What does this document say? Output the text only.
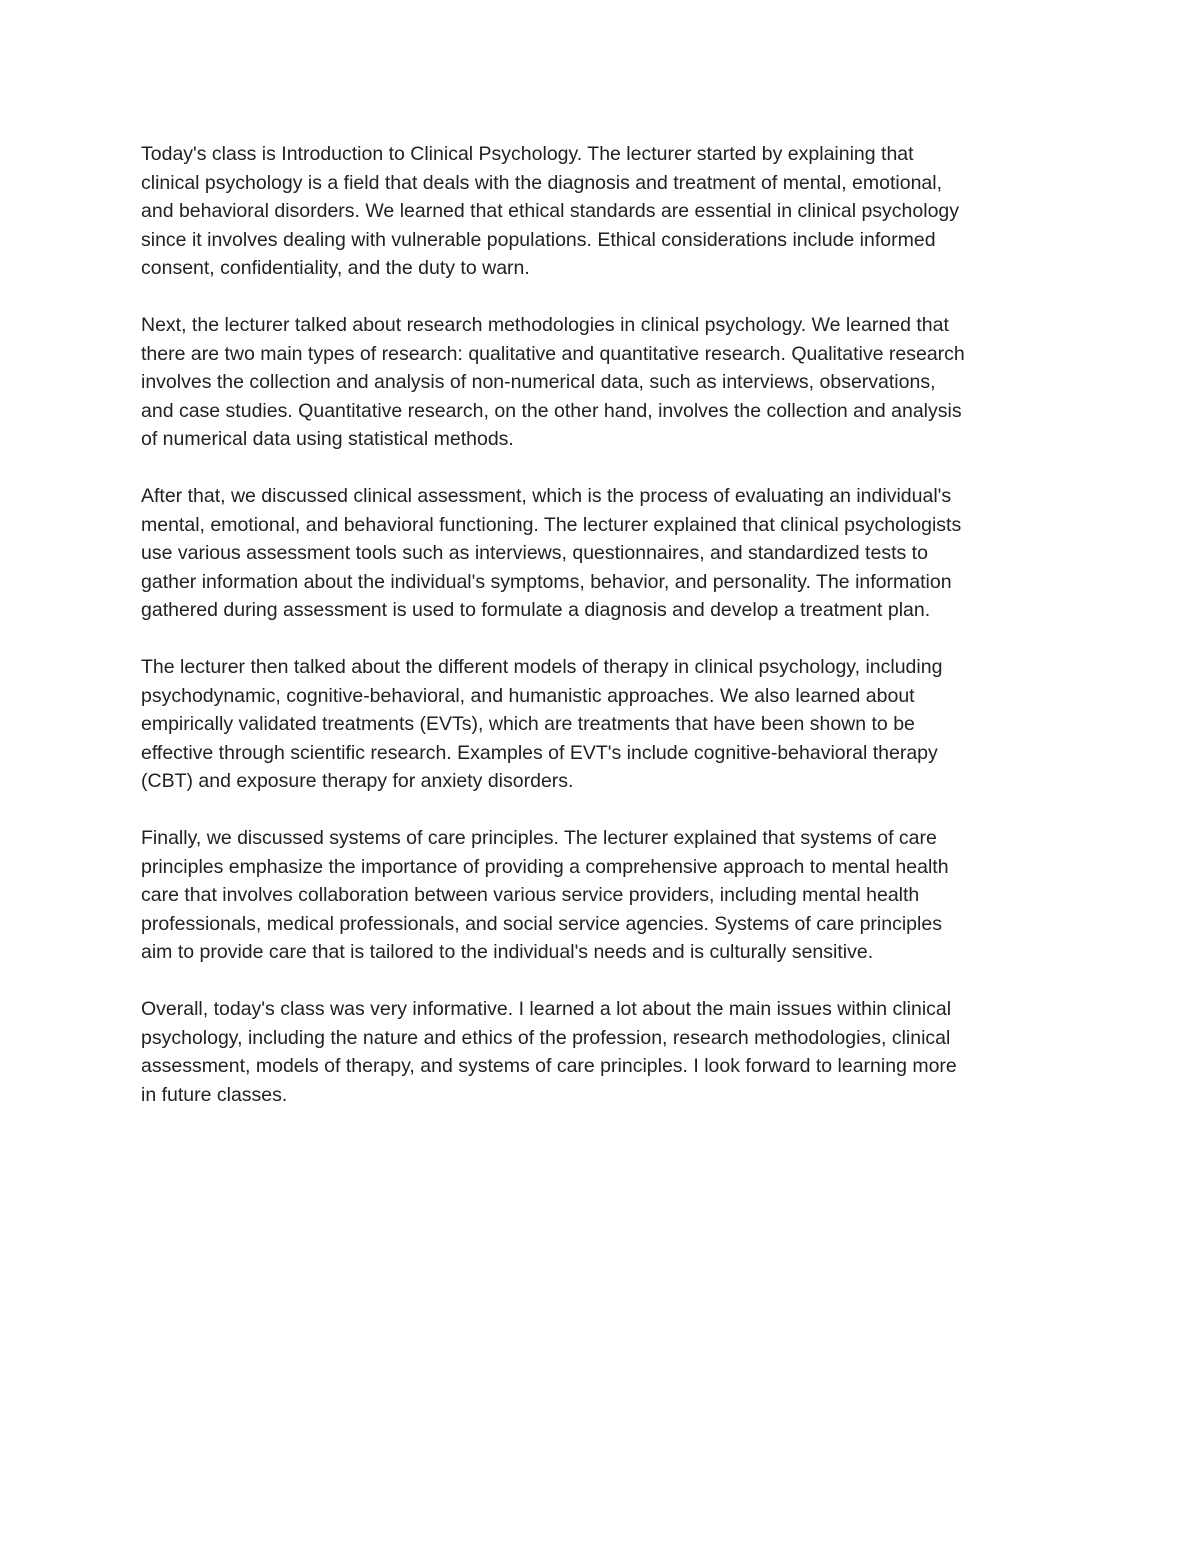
Today's class is Introduction to Clinical Psychology. The lecturer started by explaining that
clinical psychology is a field that deals with the diagnosis and treatment of mental, emotional,
and behavioral disorders. We learned that ethical standards are essential in clinical psychology
since it involves dealing with vulnerable populations. Ethical considerations include informed
consent, confidentiality, and the duty to warn.

Next, the lecturer talked about research methodologies in clinical psychology. We learned that
there are two main types of research: qualitative and quantitative research. Qualitative research
involves the collection and analysis of non-numerical data, such as interviews, observations,
and case studies. Quantitative research, on the other hand, involves the collection and analysis
of numerical data using statistical methods.

After that, we discussed clinical assessment, which is the process of evaluating an individual's
mental, emotional, and behavioral functioning. The lecturer explained that clinical psychologists
use various assessment tools such as interviews, questionnaires, and standardized tests to
gather information about the individual's symptoms, behavior, and personality. The information
gathered during assessment is used to formulate a diagnosis and develop a treatment plan.

The lecturer then talked about the different models of therapy in clinical psychology, including
psychodynamic, cognitive-behavioral, and humanistic approaches. We also learned about
empirically validated treatments (EVTs), which are treatments that have been shown to be
effective through scientific research. Examples of EVT's include cognitive-behavioral therapy
(CBT) and exposure therapy for anxiety disorders.

Finally, we discussed systems of care principles. The lecturer explained that systems of care
principles emphasize the importance of providing a comprehensive approach to mental health
care that involves collaboration between various service providers, including mental health
professionals, medical professionals, and social service agencies. Systems of care principles
aim to provide care that is tailored to the individual's needs and is culturally sensitive.

Overall, today's class was very informative. I learned a lot about the main issues within clinical
psychology, including the nature and ethics of the profession, research methodologies, clinical
assessment, models of therapy, and systems of care principles. I look forward to learning more
in future classes.
